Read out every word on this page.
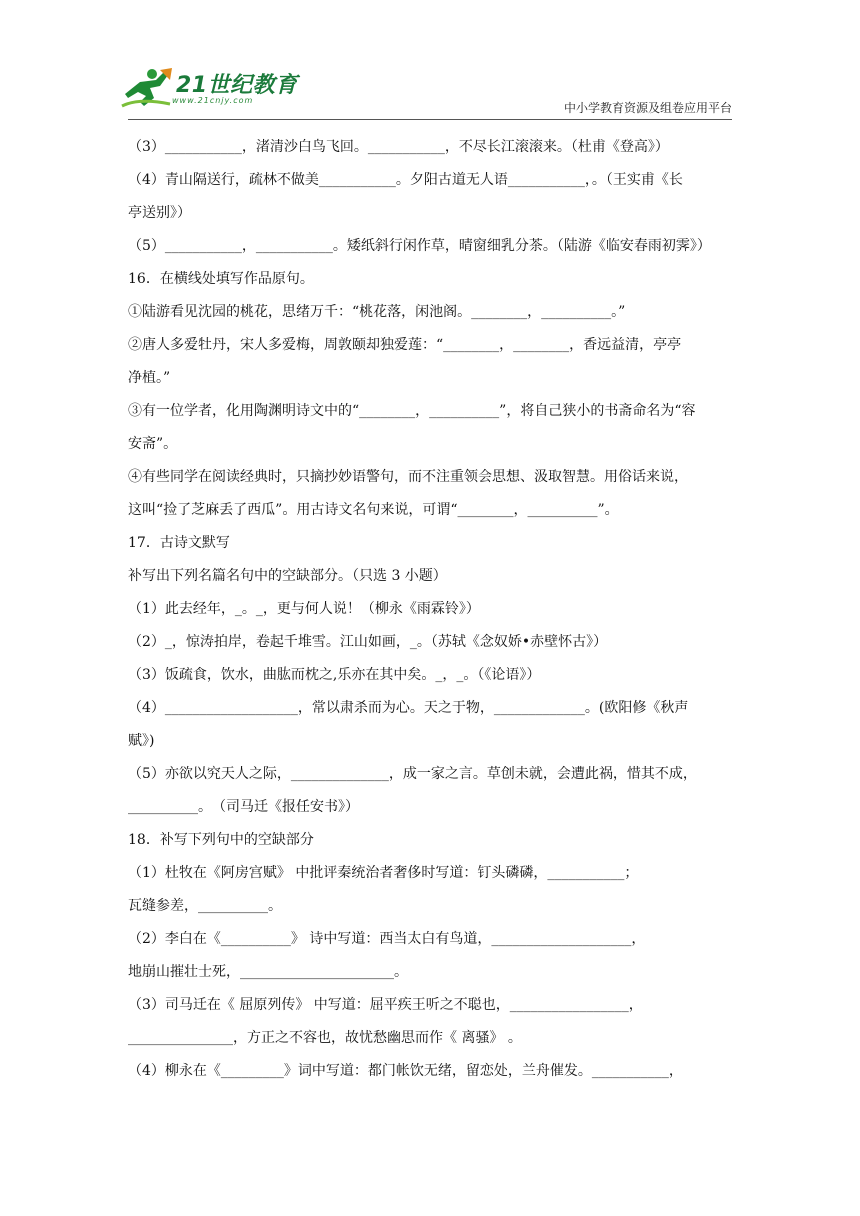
21世纪教育
www.21cnjy.com
中小学教育资源及组卷应用平台

（3）___________，渚清沙白鸟飞回。___________，不尽长江滚滚来。（杜甫《登高》）

（4）青山隔送行，疏林不做美___________。夕阳古道无人语___________，。（王实甫《长

亭送别》）

（5）___________，___________。矮纸斜行闲作草，晴窗细乳分茶。（陆游《临安春雨初霁》）

16．在横线处填写作品原句。

①陆游看见沈园的桃花，思绪万千：“桃花落，闲池阁。________，__________。”

②唐人多爱牡丹，宋人多爱梅，周敦颐却独爱莲：“________，________，香远益清，亭亭

净植。”

③有一位学者，化用陶渊明诗文中的“________，__________”，将自己狭小的书斋命名为“容

安斋”。

④有些同学在阅读经典时，只摘抄妙语警句，而不注重领会思想、汲取智慧。用俗话来说，

这叫“捡了芝麻丢了西瓜”。用古诗文名句来说，可谓“________，__________”。

17．古诗文默写

补写出下列名篇名句中的空缺部分。（只选 3 小题）

（1）此去经年，_。_，更与何人说！（柳永《雨霖铃》）

（2）_，惊涛拍岸，卷起千堆雪。江山如画，_。（苏轼《念奴娇•赤壁怀古》）

（3）饭疏食，饮水，曲肱而枕之,乐亦在其中矣。_，_。（《论语》）

（4）___________________，常以肃杀而为心。天之于物，_____________。(欧阳修《秋声

赋》)

（5）亦欲以究天人之际，______________，成一家之言。草创未就，会遭此祸，惜其不成，

__________。　（司马迁《报任安书》）

18．补写下列句中的空缺部分

（1）杜牧在《阿房宫赋》 中批评秦统治者奢侈时写道：钉头磷磷，___________；

瓦缝参差，__________。

（2）李白在《__________》 诗中写道：西当太白有鸟道，____________________，

地崩山摧壮士死，______________________。

（3）司马迁在《 屈原列传》 中写道：屈平疾王听之不聪也，_________________，

_______________，方正之不容也，故忧愁幽思而作《 离骚》 。

（4）柳永在《_________》词中写道：都门帐饮无绪，留恋处，兰舟催发。___________，
